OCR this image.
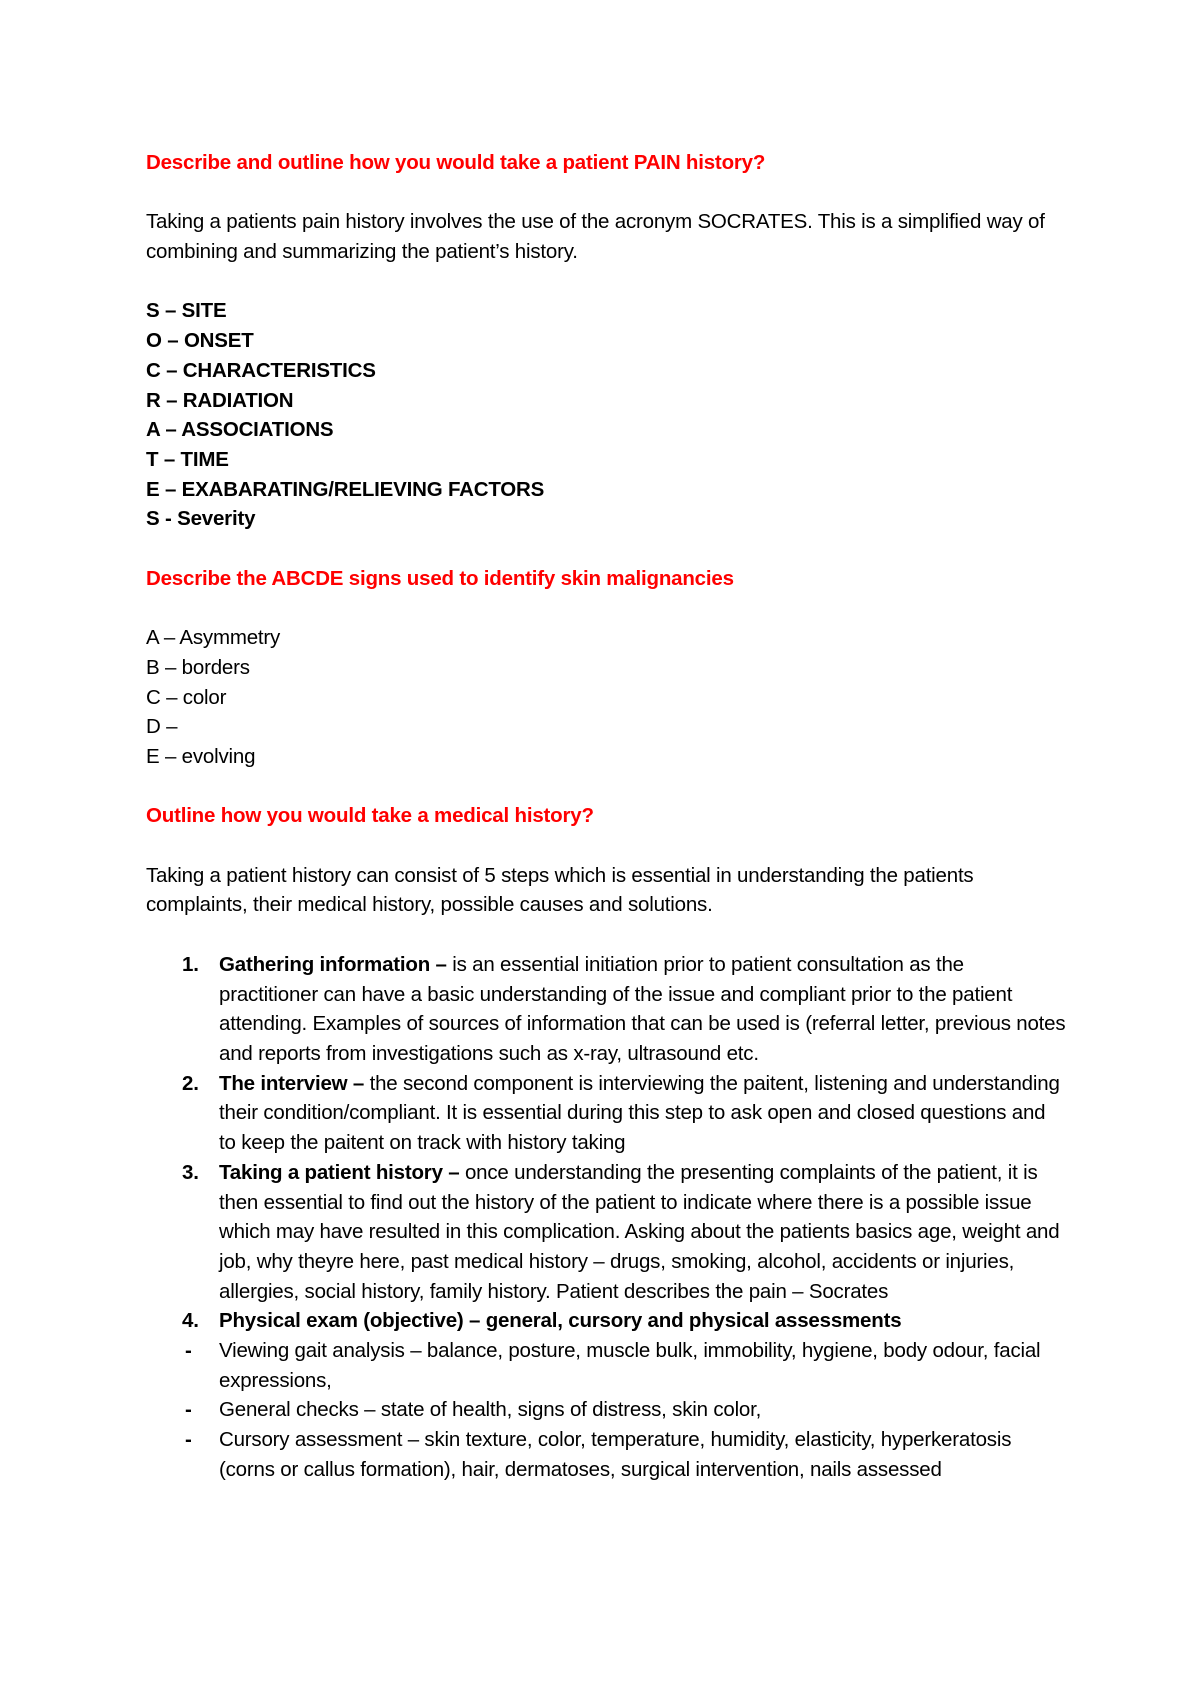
Describe and outline how you would take a patient PAIN history?

Taking a patients pain history involves the use of the acronym SOCRATES. This is a simplified way of combining and summarizing the patient’s history.

S – SITE

O – ONSET

C – CHARACTERISTICS

R – RADIATION

A – ASSOCIATIONS

T – TIME

E – EXABARATING/RELIEVING FACTORS

S - Severity

Describe the ABCDE signs used to identify skin malignancies

A – Asymmetry

B – borders

C – color

D –

E – evolving

Outline how you would take a medical history?

Taking a patient history can consist of 5 steps which is essential in understanding the patients complaints, their medical history, possible causes and solutions.

1. Gathering information – is an essential initiation prior to patient consultation as the practitioner can have a basic understanding of the issue and compliant prior to the patient attending. Examples of sources of information that can be used is (referral letter, previous notes and reports from investigations such as x-ray, ultrasound etc.

2. The interview – the second component is interviewing the paitent, listening and understanding their condition/compliant. It is essential during this step to ask open and closed questions and to keep the paitent on track with history taking

3. Taking a patient history – once understanding the presenting complaints of the patient, it is then essential to find out the history of the patient to indicate where there is a possible issue which may have resulted in this complication. Asking about the patients basics age, weight and job, why theyre here, past medical history – drugs, smoking, alcohol, accidents or injuries, allergies, social history, family history. Patient describes the pain – Socrates

4. Physical exam (objective) – general, cursory and physical assessments

- Viewing gait analysis – balance, posture, muscle bulk, immobility, hygiene, body odour, facial expressions,

- General checks – state of health, signs of distress, skin color,

- Cursory assessment – skin texture, color, temperature, humidity, elasticity, hyperkeratosis (corns or callus formation), hair, dermatoses, surgical intervention, nails assessed
